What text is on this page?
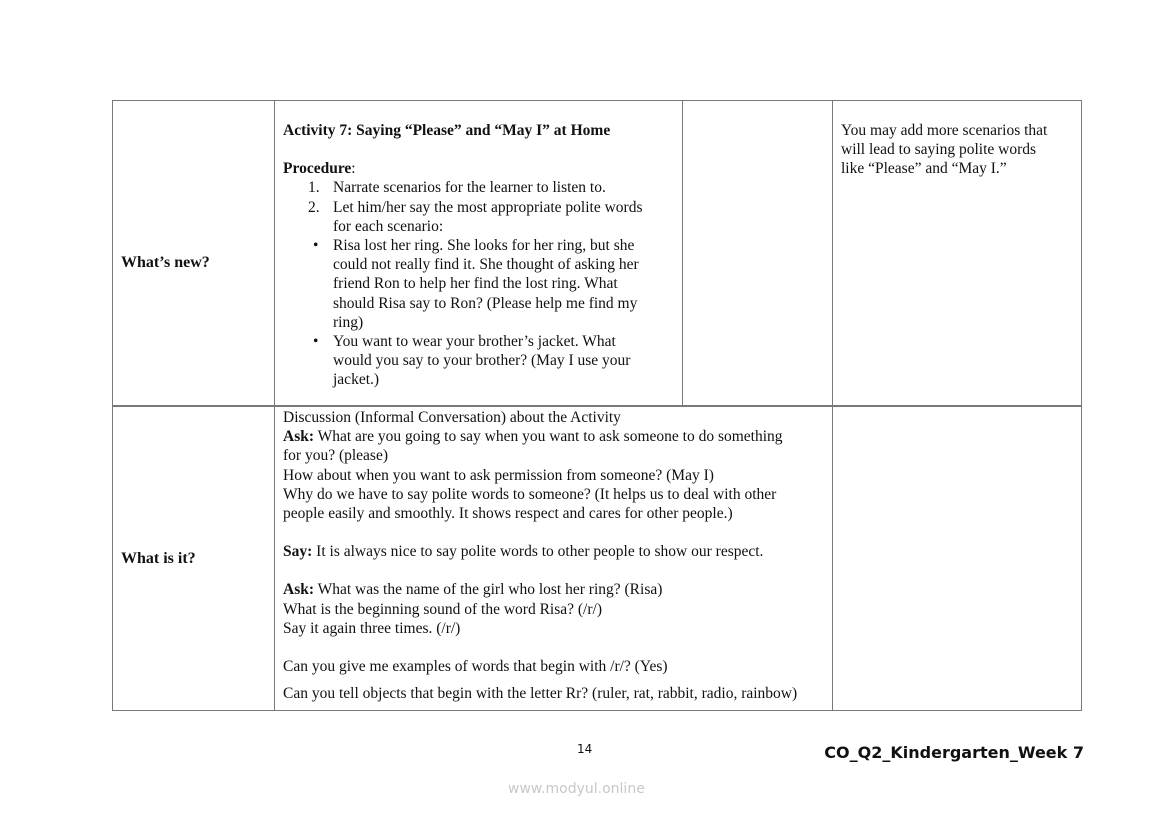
What’s new?

Activity 7: Saying “Please” and “May I” at Home

Procedure:

1. Narrate scenarios for the learner to listen to.

2. Let him/her say the most appropriate polite words

for each scenario:

• Risa lost her ring. She looks for her ring, but she

could not really find it. She thought of asking her

friend Ron to help her find the lost ring. What

should Risa say to Ron? (Please help me find my

ring)

• You want to wear your brother’s jacket. What

would you say to your brother? (May I use your

jacket.)

You may add more scenarios that

will lead to saying polite words

like “Please” and “May I.”

What is it?

Discussion (Informal Conversation) about the Activity

Ask: What are you going to say when you want to ask someone to do something

for you? (please)

How about when you want to ask permission from someone? (May I)

Why do we have to say polite words to someone? (It helps us to deal with other

people easily and smoothly. It shows respect and cares for other people.)

Say: It is always nice to say polite words to other people to show our respect.

Ask: What was the name of the girl who lost her ring? (Risa)

What is the beginning sound of the word Risa? (/r/)

Say it again three times. (/r/)

Can you give me examples of words that begin with /r/? (Yes)

Can you tell objects that begin with the letter Rr? (ruler, rat, rabbit, radio, rainbow)

14	CO_Q2_Kindergarten_Week 7
www.modyul.online
